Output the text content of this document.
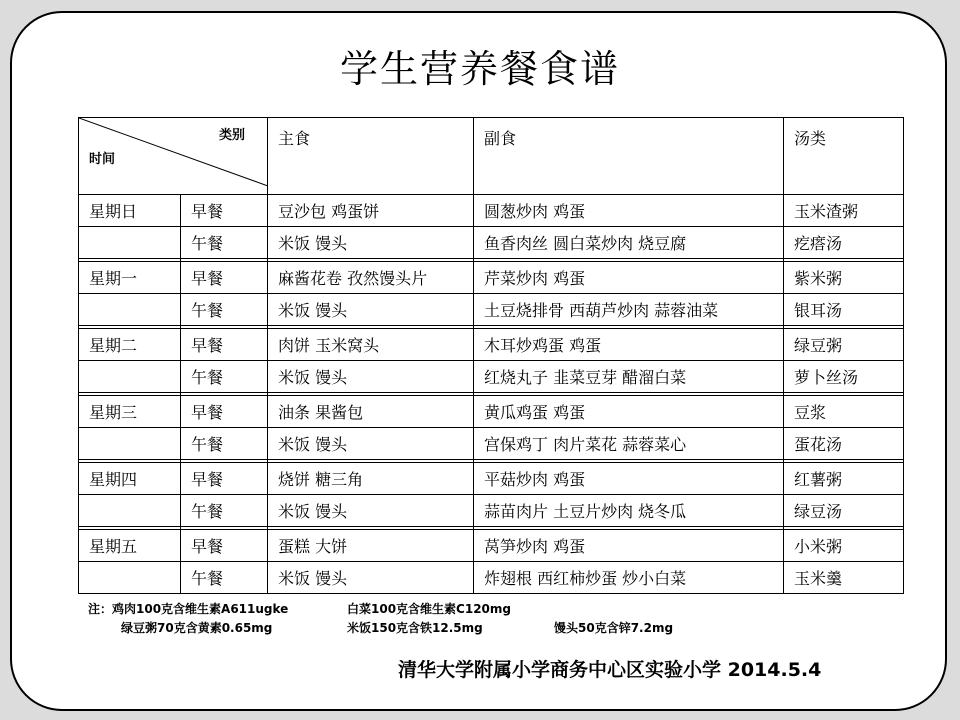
学生营养餐食谱
类别
时间		主食	副食	汤类
星期日	早餐	豆沙包 鸡蛋饼	圆葱炒肉 鸡蛋	玉米渣粥
	午餐	米饭 馒头	鱼香肉丝 圆白菜炒肉 烧豆腐	疙瘩汤

星期一	早餐	麻酱花卷 孜然馒头片	芹菜炒肉 鸡蛋	紫米粥
	午餐	米饭 馒头	土豆烧排骨 西葫芦炒肉 蒜蓉油菜	银耳汤

星期二	早餐	肉饼 玉米窝头	木耳炒鸡蛋 鸡蛋	绿豆粥
	午餐	米饭 馒头	红烧丸子 韭菜豆芽 醋溜白菜	萝卜丝汤

星期三	早餐	油条 果酱包	黄瓜鸡蛋 鸡蛋	豆浆
	午餐	米饭 馒头	宫保鸡丁 肉片菜花 蒜蓉菜心	蛋花汤

星期四	早餐	烧饼 糖三角	平菇炒肉 鸡蛋	红薯粥
	午餐	米饭 馒头	蒜苗肉片 土豆片炒肉 烧冬瓜	绿豆汤

星期五	早餐	蛋糕 大饼	莴笋炒肉 鸡蛋	小米粥
	午餐	米饭 馒头	炸翅根 西红柿炒蛋 炒小白菜	玉米羹
注：鸡肉100克含维生素A611ugke	白菜100克含维生素C120mg
绿豆粥70克含黄素0.65mg	米饭150克含铁12.5mg	馒头50克含锌7.2mg
清华大学附属小学商务中心区实验小学 2014.5.4
